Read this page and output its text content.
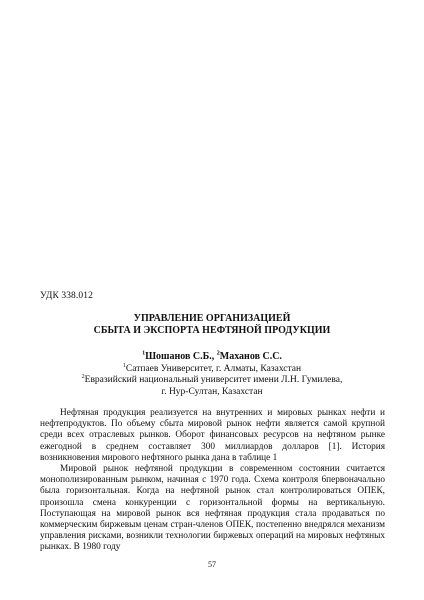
УДК 338.012
УПРАВЛЕНИЕ ОРГАНИЗАЦИЕЙ
СБЫТА И ЭКСПОРТА НЕФТЯНОЙ ПРОДУКЦИИ
$^1$Шошанов С.Б., $^2$Маханов С.С.
$^1$Сатпаев Университет, г. Алматы, Казахстан
$^2$Евразийский национальный университет имени Л.Н. Гумилева,
г. Нур-Султан, Казахстан

Нефтяная продукция реализуется на внутренних и мировых рынках нефти и нефтепродуктов. По объему сбыта мировой рынок нефти является самой крупной среди всех отраслевых рынков. Оборот финансовых ресурсов на нефтяном рынке ежегодной в среднем составляет 300 миллиардов долларов [1]. История возникновения мирового нефтяного рынка дана в таблице 1

Мировой рынок нефтяной продукции в современном состоянии считается монополизированным рынком, начиная с 1970 года. Схема контроля 6первоначально была горизонтальная. Когда на нефтяной рынок стал контролироваться ОПЕК, произошла смена конкуренции с горизонтальной формы на вертикальную. Поступающая на мировой рынок вся нефтяная продукция стала продаваться по коммерческим биржевым ценам стран-членов ОПЕК, постепенно внедрялся механизм управления рисками, возникли технологии биржевых операций на мировых нефтяных рынках. В 1980 году

57
